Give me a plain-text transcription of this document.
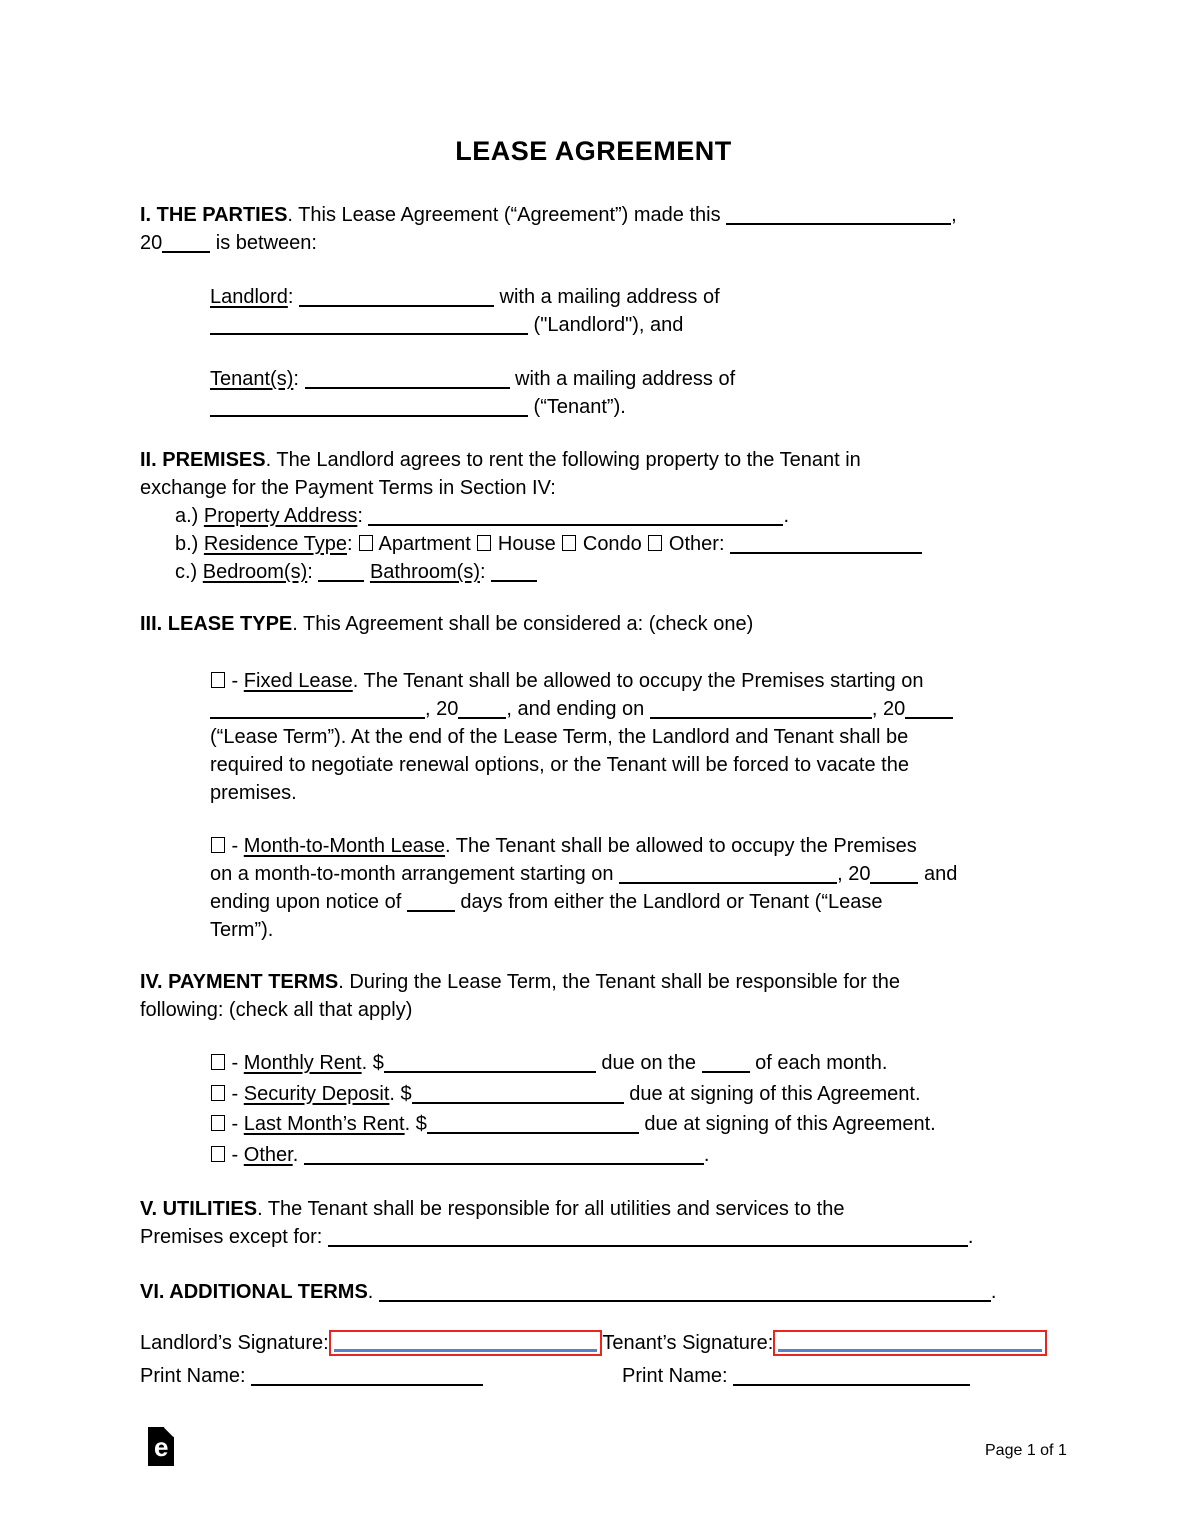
LEASE AGREEMENT
I. THE PARTIES. This Lease Agreement (“Agreement”) made this	,
20 is between:
Landlord:	with a mailing address of
("Landlord"), and
Tenant(s):	with a mailing address of
(“Tenant”).
II. PREMISES. The Landlord agrees to rent the following property to the Tenant in
exchange for the Payment Terms in Section IV:
a.) Property Address:	.
b.) Residence Type:  Apartment  House  Condo  Other:
c.) Bedroom(s):	Bathroom(s):
III. LEASE TYPE. This Agreement shall be considered a: (check one)
- Fixed Lease. The Tenant shall be allowed to occupy the Premises starting on
, 20 , and ending on	, 20
(“Lease Term”). At the end of the Lease Term, the Landlord and Tenant shall be
required to negotiate renewal options, or the Tenant will be forced to vacate the
premises.
- Month-to-Month Lease. The Tenant shall be allowed to occupy the Premises
on a month-to-month arrangement starting on	, 20 and
ending upon notice of  days from either the Landlord or Tenant (“Lease
Term”).
IV. PAYMENT TERMS. During the Lease Term, the Tenant shall be responsible for the
following: (check all that apply)
- Monthly Rent. $	due on the  of each month.
- Security Deposit. $	due at signing of this Agreement.
- Last Month’s Rent. $	due at signing of this Agreement.
- Other.	.
V. UTILITIES. The Tenant shall be responsible for all utilities and services to the
Premises except for:	.
VI. ADDITIONAL TERMS.	.
Landlord’s Signature:	Tenant’s Signature:
Print Name:	Print Name:
e	Page 1 of 1
